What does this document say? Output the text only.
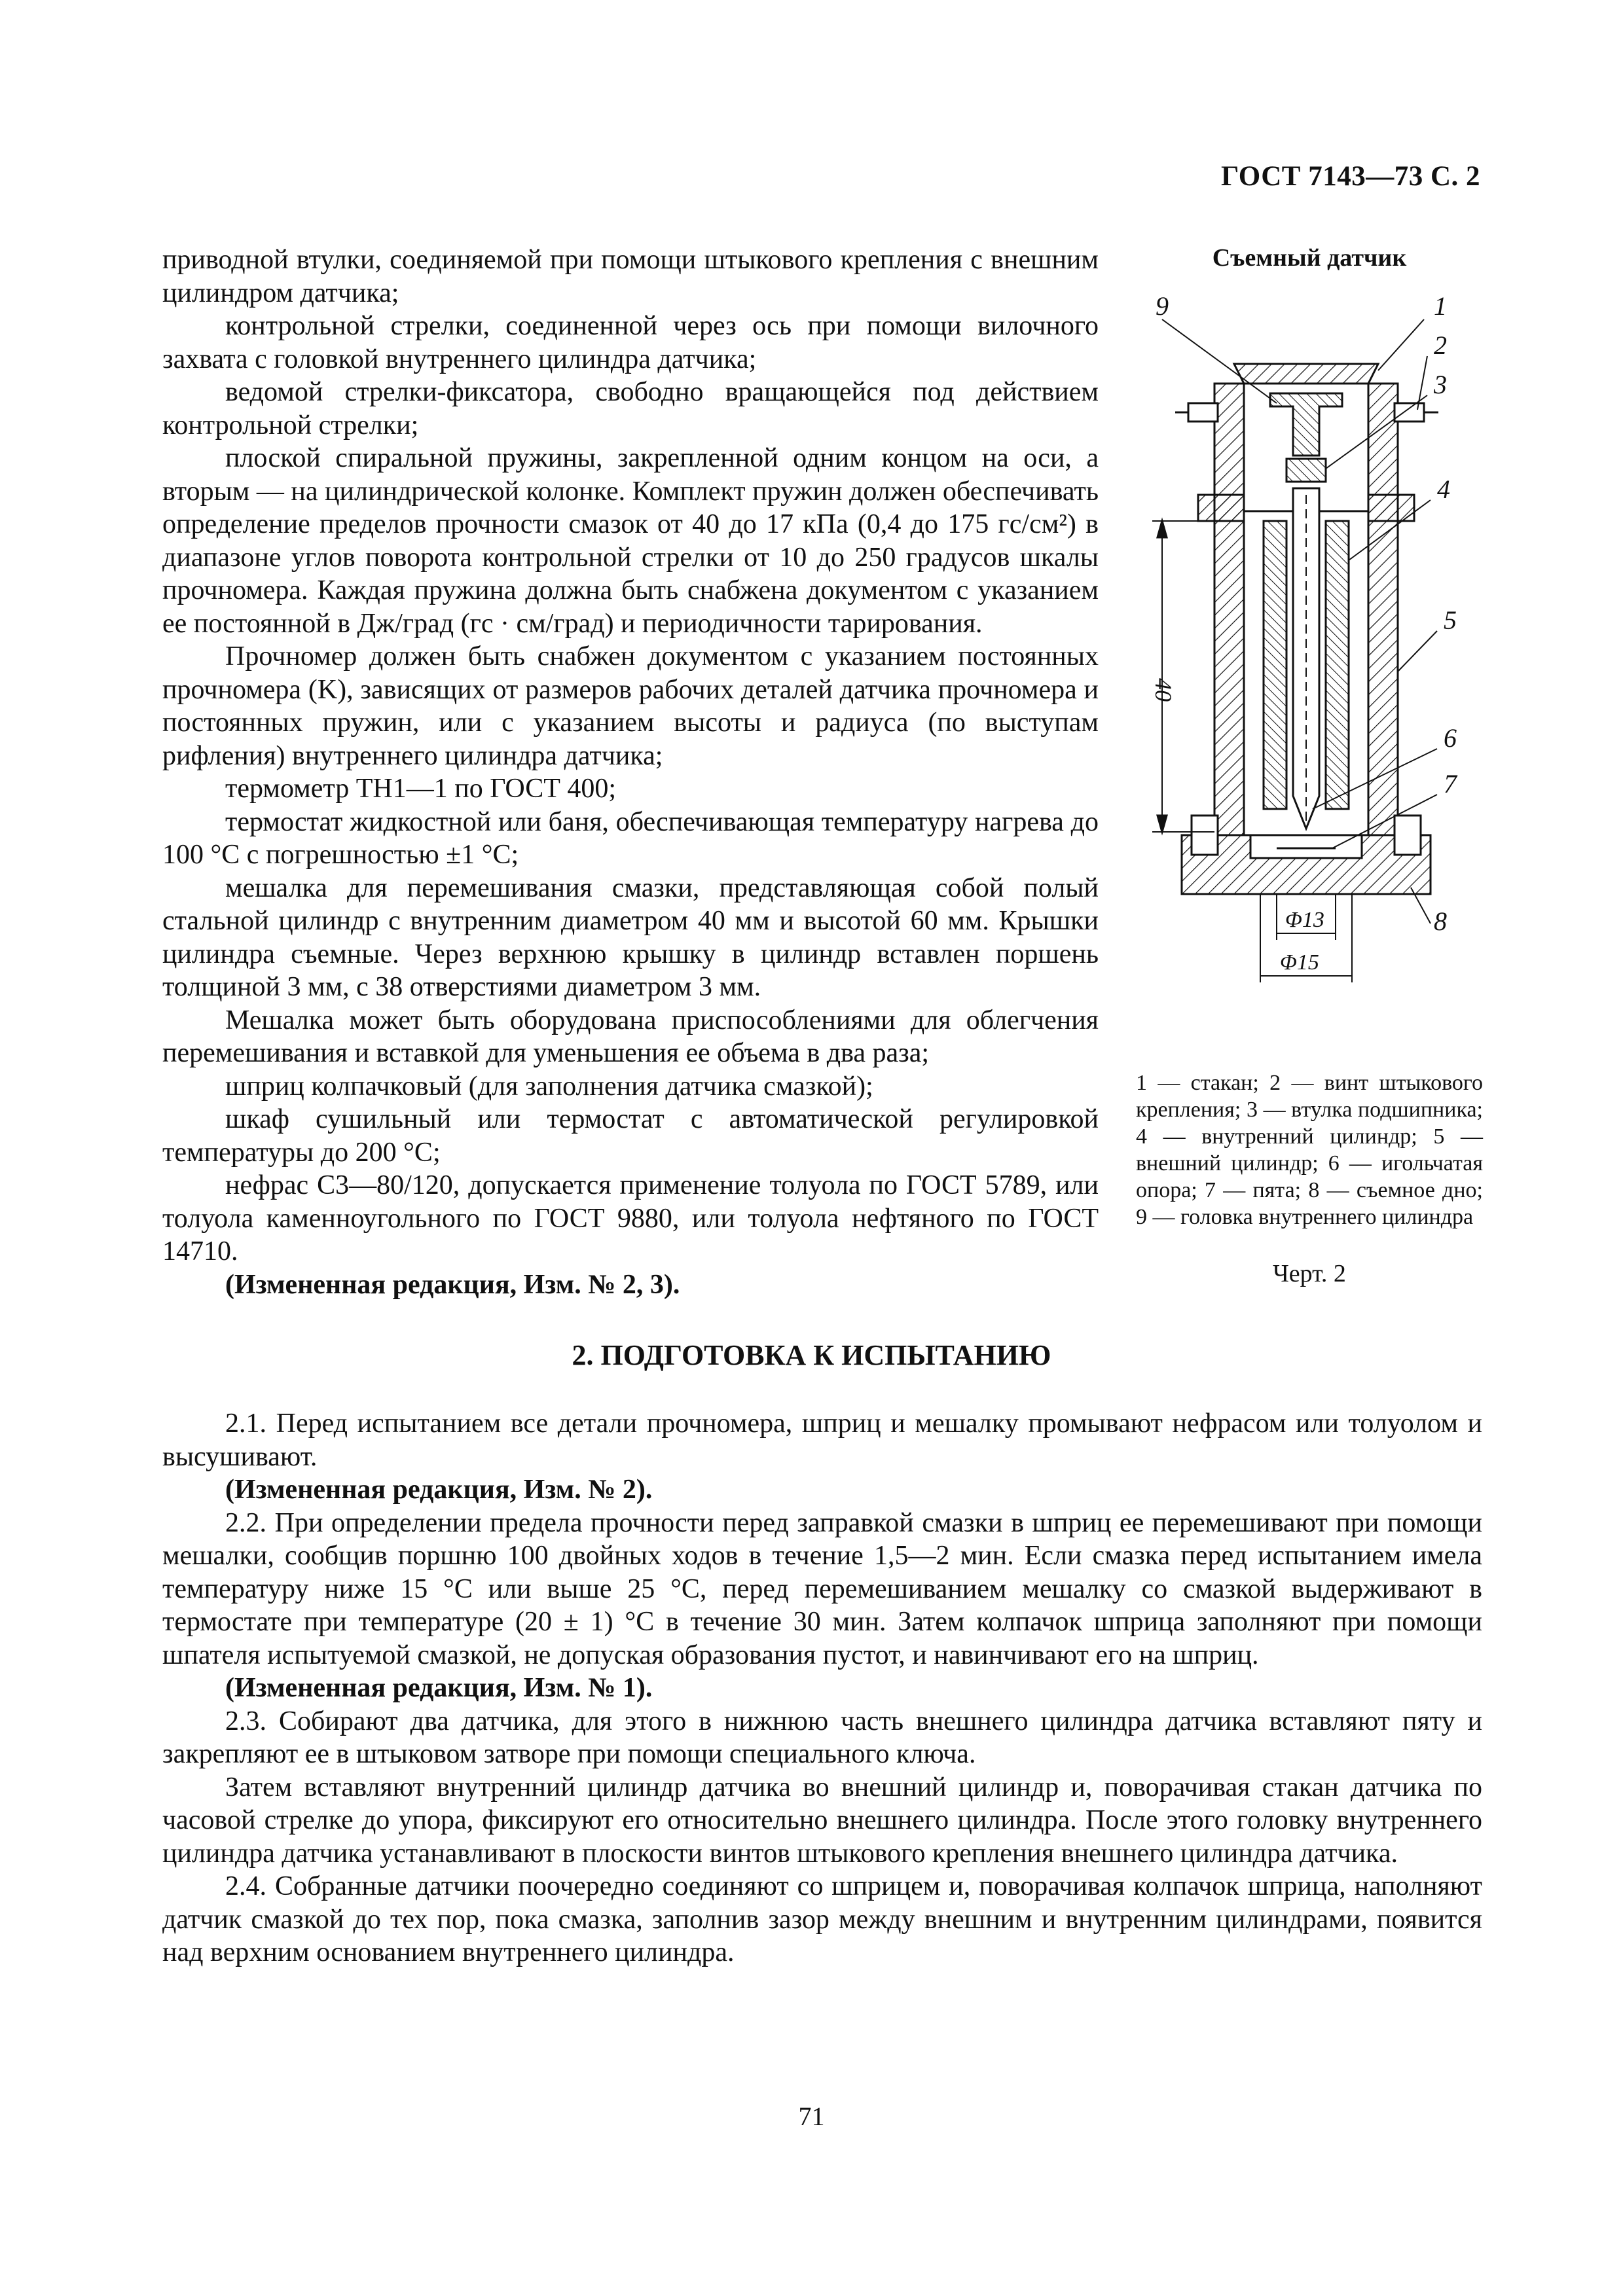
ГОСТ 7143—73 С. 2

приводной втулки, соединяемой при помощи штыкового крепления с внешним цилиндром датчика;

контрольной стрелки, соединенной через ось при помощи вилочного захвата с головкой внутреннего цилиндра датчика;

ведомой стрелки-фиксатора, свободно вращающейся под действием контрольной стрелки;

плоской спиральной пружины, закрепленной одним концом на оси, а вторым — на цилиндрической колонке. Комплект пружин должен обеспечивать определение пределов прочности смазок от 40 до 17 кПа (0,4 до 175 гс/см²) в диапазоне углов поворота контрольной стрелки от 10 до 250 градусов шкалы прочномера. Каждая пружина должна быть снабжена документом с указанием ее постоянной в Дж/град (гс · см/град) и периодичности тарирования.

Прочномер должен быть снабжен документом с указанием постоянных прочномера (K), зависящих от размеров рабочих деталей датчика прочномера и постоянных пружин, или с указанием высоты и радиуса (по выступам рифления) внутреннего цилиндра датчика;

термометр ТН1—1 по ГОСТ 400;

термостат жидкостной или баня, обеспечивающая температуру нагрева до 100 °С с погрешностью ±1 °С;

мешалка для перемешивания смазки, представляющая собой полый стальной цилиндр с внутренним диаметром 40 мм и высотой 60 мм. Крышки цилиндра съемные. Через верхнюю крышку в цилиндр вставлен поршень толщиной 3 мм, с 38 отверстиями диаметром 3 мм.

Мешалка может быть оборудована приспособлениями для облегчения перемешивания и вставкой для уменьшения ее объема в два раза;

шприц колпачковый (для заполнения датчика смазкой);

шкаф сушильный или термостат с автоматической регулировкой температуры до 200 °С;

нефрас С3—80/120, допускается применение толуола по ГОСТ 5789, или толуола каменноугольного по ГОСТ 9880, или толуола нефтяного по ГОСТ 14710.

(Измененная редакция, Изм. № 2, 3).

Съемный датчик
9	1
2
3
4
5
6
7
8
Φ13
Φ15
40
1 — стакан; 2 — винт штыкового крепления; 3 — втулка подшипника; 4 — внутренний цилиндр; 5 — внешний цилиндр; 6 — игольчатая опора; 7 — пята; 8 — съемное дно; 9 — головка внутреннего цилиндра
Черт. 2
2. ПОДГОТОВКА К ИСПЫТАНИЮ

2.1. Перед испытанием все детали прочномера, шприц и мешалку промывают нефрасом или толуолом и высушивают.

(Измененная редакция, Изм. № 2).

2.2. При определении предела прочности перед заправкой смазки в шприц ее перемешивают при помощи мешалки, сообщив поршню 100 двойных ходов в течение 1,5—2 мин. Если смазка перед испытанием имела температуру ниже 15 °С или выше 25 °С, перед перемешиванием мешалку со смазкой выдерживают в термостате при температуре (20 ± 1) °С в течение 30 мин. Затем колпачок шприца заполняют при помощи шпателя испытуемой смазкой, не допуская образования пустот, и навинчивают его на шприц.

(Измененная редакция, Изм. № 1).

2.3. Собирают два датчика, для этого в нижнюю часть внешнего цилиндра датчика вставляют пяту и закрепляют ее в штыковом затворе при помощи специального ключа.

Затем вставляют внутренний цилиндр датчика во внешний цилиндр и, поворачивая стакан датчика по часовой стрелке до упора, фиксируют его относительно внешнего цилиндра. После этого головку внутреннего цилиндра датчика устанавливают в плоскости винтов штыкового крепления внешнего цилиндра датчика.

2.4. Собранные датчики поочередно соединяют со шприцем и, поворачивая колпачок шприца, наполняют датчик смазкой до тех пор, пока смазка, заполнив зазор между внешним и внутренним цилиндрами, появится над верхним основанием внутреннего цилиндра.

71
